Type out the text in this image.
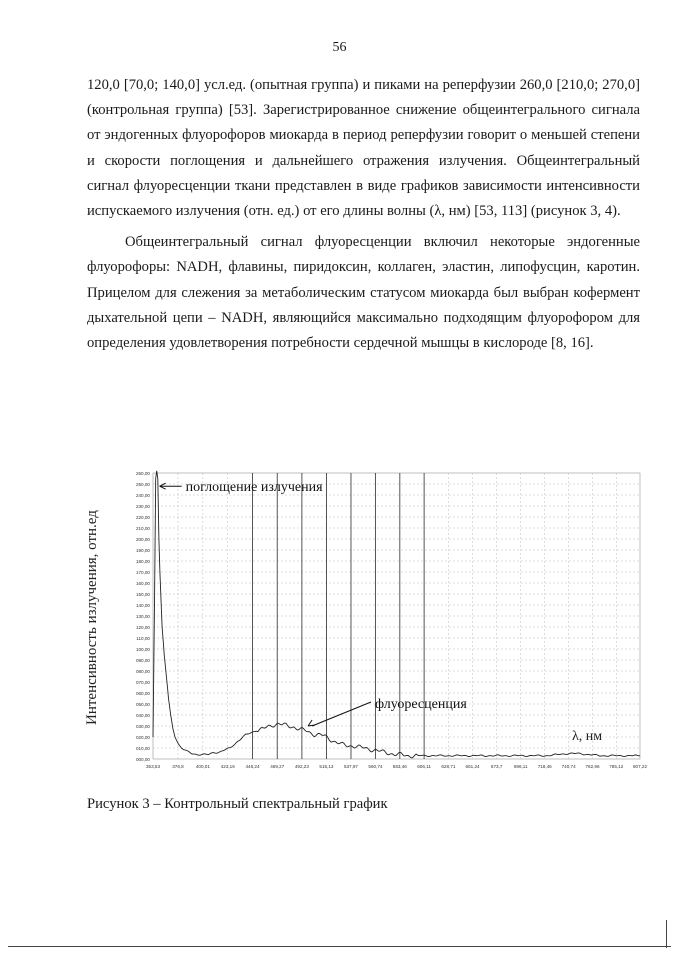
56

120,0 [70,0; 140,0] усл.ед. (опытная группа) и пиками на реперфузии 260,0 [210,0; 270,0] (контрольная группа) [53]. Зарегистрированное снижение общеинтегрального сигнала от эндогенных флуорофоров миокарда в период реперфузии говорит о меньшей степени и скорости поглощения и дальнейшего отражения излучения. Общеинтегральный сигнал флуоресценции ткани представлен в виде графиков зависимости интенсивности испускаемого излучения (отн. ед.) от его длины волны (λ, нм) [53, 113] (рисунок 3, 4).

Общеинтегральный сигнал флуоресценции включил некоторые эндогенные флуорофоры: NADH, флавины, пиридоксин, коллаген, эластин, липофусцин, каротин. Прицелом для слежения за метаболическим статусом миокарда был выбран кофермент дыхательной цепи – NADH, являющийся максимально подходящим флуорофором для определения удовлетворения потребности сердечной мышцы в кислороде [8, 16].

000,00
010,00
020,00
030,00
040,00
050,00
060,00
070,00
080,00
090,00
100,00
110,00
120,00
130,00
140,00
150,00
160,00
170,00
180,00
190,00
200,00
210,00
220,00
230,00
240,00
250,00
260,00
353,53	376,8	400,01 423,16 446,24 469,27 492,23 515,13 537,97 560,74 583,46 606,11 628,71 651,24 673,7 696,11 718,46 740,74 762,96 785,12 807,22
поглощение излучения
флуоресценция
Интенсивность излучения, отн.ед
λ, нм
Рисунок 3 – Контрольный спектральный график
